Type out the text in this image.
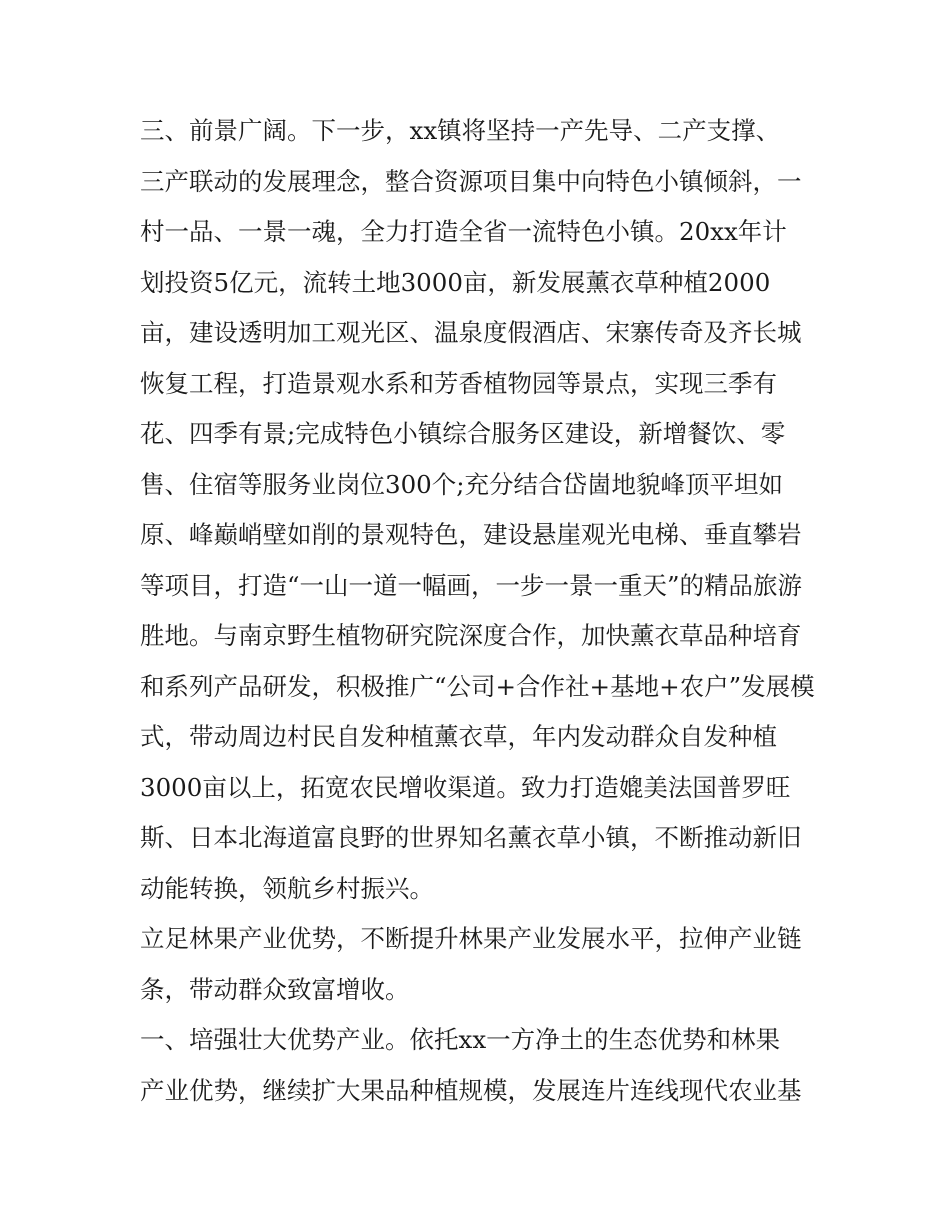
三、前景广阔。下一步，xx镇将坚持一产先导、二产支撑、
三产联动的发展理念，整合资源项目集中向特色小镇倾斜，一
村一品、一景一魂，全力打造全省一流特色小镇。20xx年计
划投资5亿元，流转土地3000亩，新发展薰衣草种植2000
亩，建设透明加工观光区、温泉度假酒店、宋寨传奇及齐长城
恢复工程，打造景观水系和芳香植物园等景点，实现三季有
花、四季有景;完成特色小镇综合服务区建设，新增餐饮、零
售、住宿等服务业岗位300个;充分结合岱崮地貌峰顶平坦如
原、峰巅峭壁如削的景观特色，建设悬崖观光电梯、垂直攀岩
等项目，打造“一山一道一幅画，一步一景一重天”的精品旅游
胜地。与南京野生植物研究院深度合作，加快薰衣草品种培育
和系列产品研发，积极推广“公司+合作社+基地+农户”发展模
式，带动周边村民自发种植薰衣草，年内发动群众自发种植
3000亩以上，拓宽农民增收渠道。致力打造媲美法国普罗旺
斯、日本北海道富良野的世界知名薰衣草小镇，不断推动新旧
动能转换，领航乡村振兴。
立足林果产业优势，不断提升林果产业发展水平，拉伸产业链
条，带动群众致富增收。
一、培强壮大优势产业。依托xx一方净土的生态优势和林果
产业优势，继续扩大果品种植规模，发展连片连线现代农业基
